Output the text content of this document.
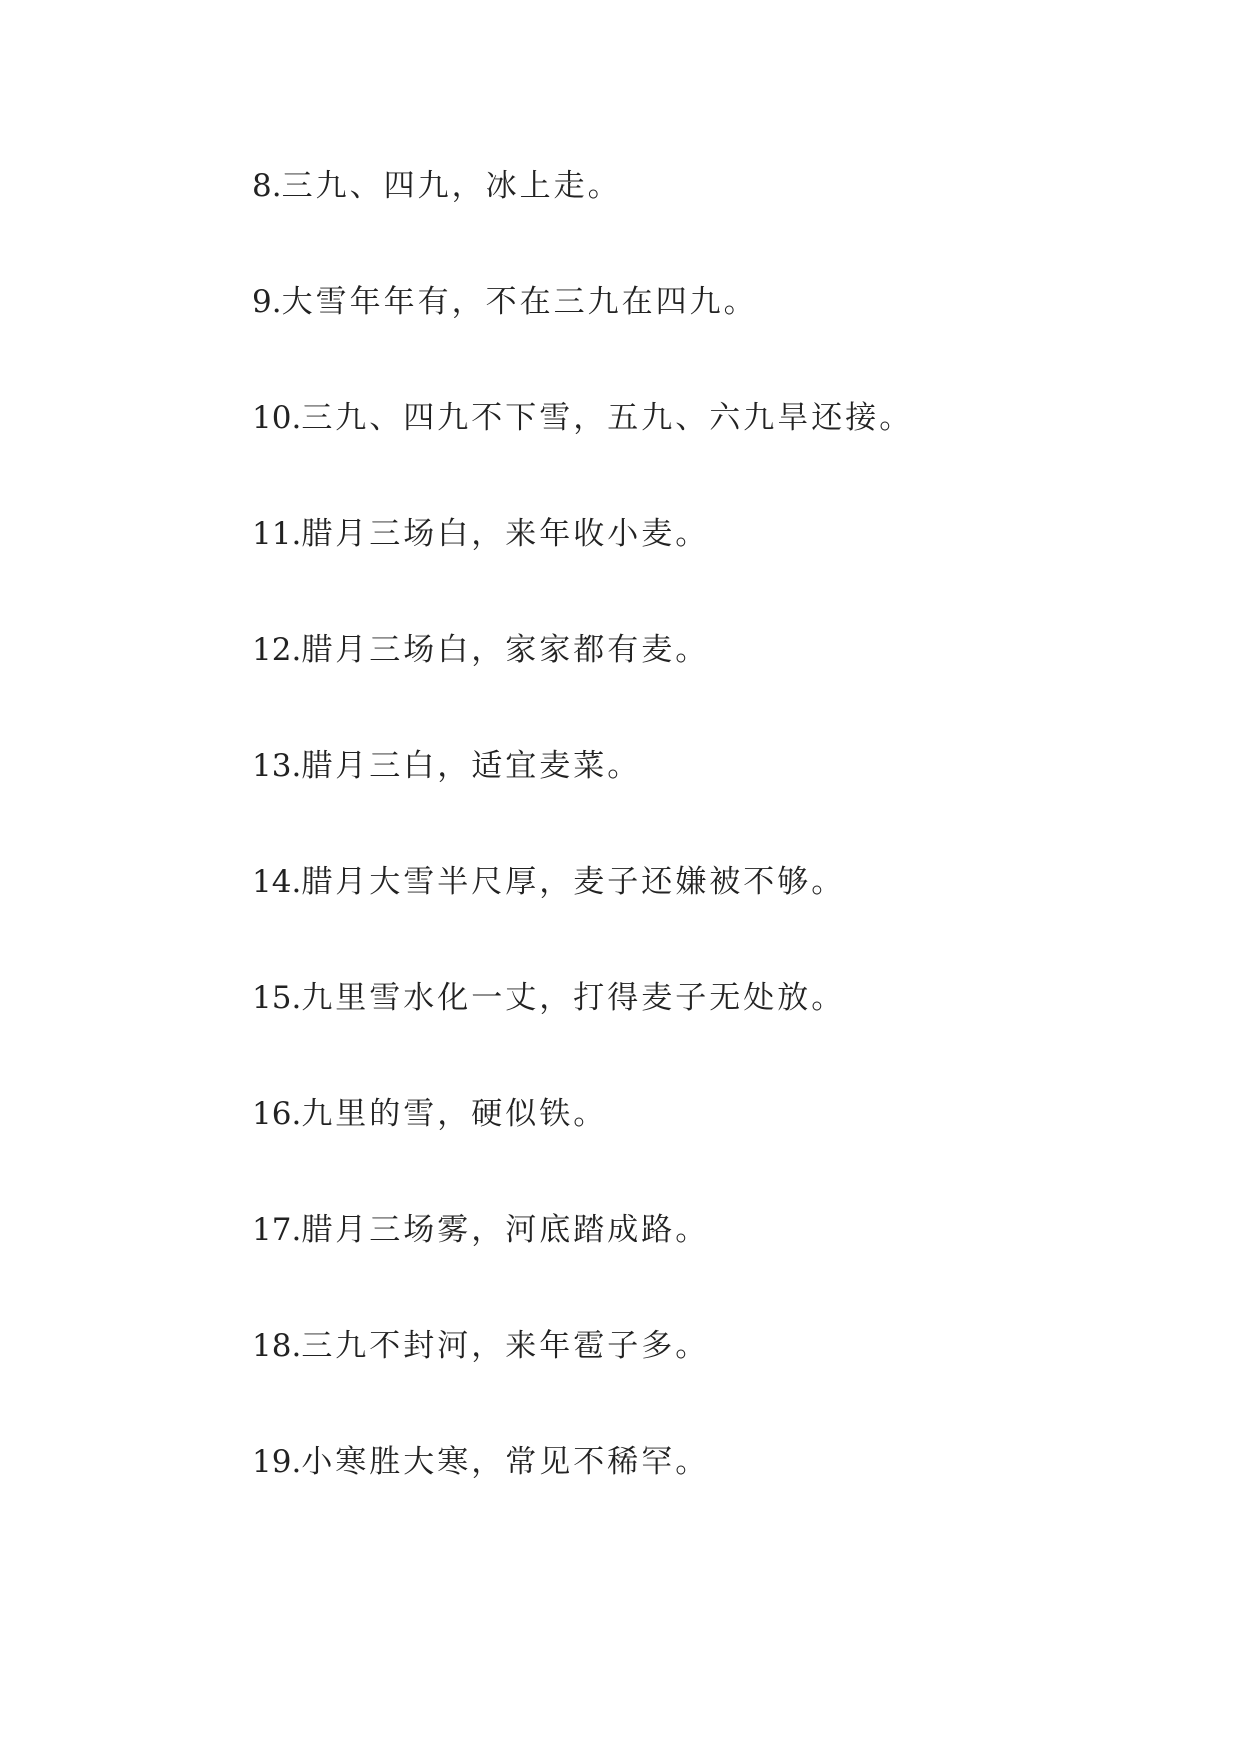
8.三九、四九，冰上走。
9.大雪年年有，不在三九在四九。
10.三九、四九不下雪，五九、六九旱还接。
11.腊月三场白，来年收小麦。
12.腊月三场白，家家都有麦。
13.腊月三白，适宜麦菜。
14.腊月大雪半尺厚，麦子还嫌被不够。
15.九里雪水化一丈，打得麦子无处放。
16.九里的雪，硬似铁。
17.腊月三场雾，河底踏成路。
18.三九不封河，来年雹子多。
19.小寒胜大寒，常见不稀罕。
